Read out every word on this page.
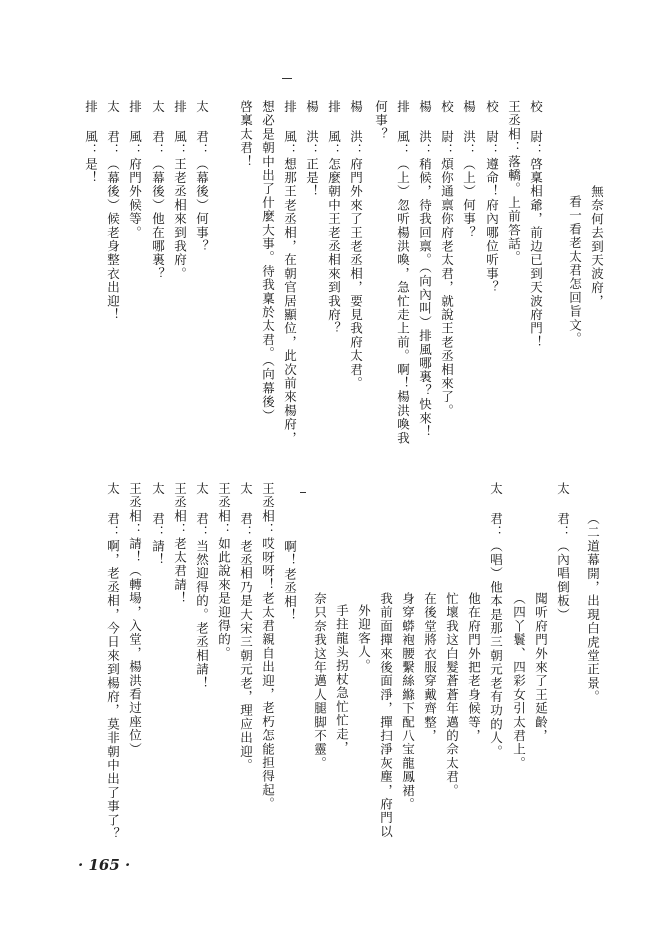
無奈何去到天波府，
看一看老太君怎回旨文。
校 尉：啓稟相爺，前边已到天波府門！
王丞相：落轎。上前答話。
校 尉：遵命！府內哪位听事？
楊 洪：（上）何事？
校 尉：煩你通禀你府老太君，就說王老丞相來了。
楊 洪：稍候，待我回禀。（向內叫）排風哪裏？快來！
排 風：（上）忽听楊洪喚，急忙走上前。啊！楊洪喚我
何事？
楊 洪：府門外來了王老丞相，要見我府太君。
排 風：怎麼朝中王老丞相來到我府？
楊 洪：正是！
排 風：想那王老丞相，在朝官居顯位，此次前來楊府，
想必是朝中出了什麼大事。待我稟於太君。（向幕後）
啓稟太君！
太 君：（幕後）何事？
排 風：王老丞相來到我府。
太 君：（幕後）他在哪裏？
排 風：府門外候等。
太 君：（幕後）候老身整衣出迎！
排 風：是！
（二道幕開，出現白虎堂正景。
太 君：（內唱倒板）
聞听府門外來了王延齡，
（四丫鬟、四彩女引太君上。
太 君：（唱）他本是那三朝元老有功的人。
他在府門外把老身候等，
忙壞我这白髮蒼蒼年邁的佘太君。
在後堂將衣服穿戴齊整，
身穿蟒袍腰繫絲縧下配八宝龍鳳裙。
我前面撣來後面淨，撣扫淨灰塵，府門以
外迎客人。
手拄龍头拐杖急忙忙走，
奈只奈我这年邁人腿脚不靈。
啊！老丞相！
王丞相：哎呀呀！老太君親自出迎，老朽怎能担得起。
太 君：老丞相乃是大宋三朝元老，理应出迎。
王丞相：如此說來是迎得的。
太 君：当然迎得的。老丞相請！
王丞相：老太君請！
太 君：請！
王丞相：請！（轉場，入堂，楊洪看过座位）
太 君：啊，老丞相，今日來到楊府，莫非朝中出了事了？
· 165 ·
